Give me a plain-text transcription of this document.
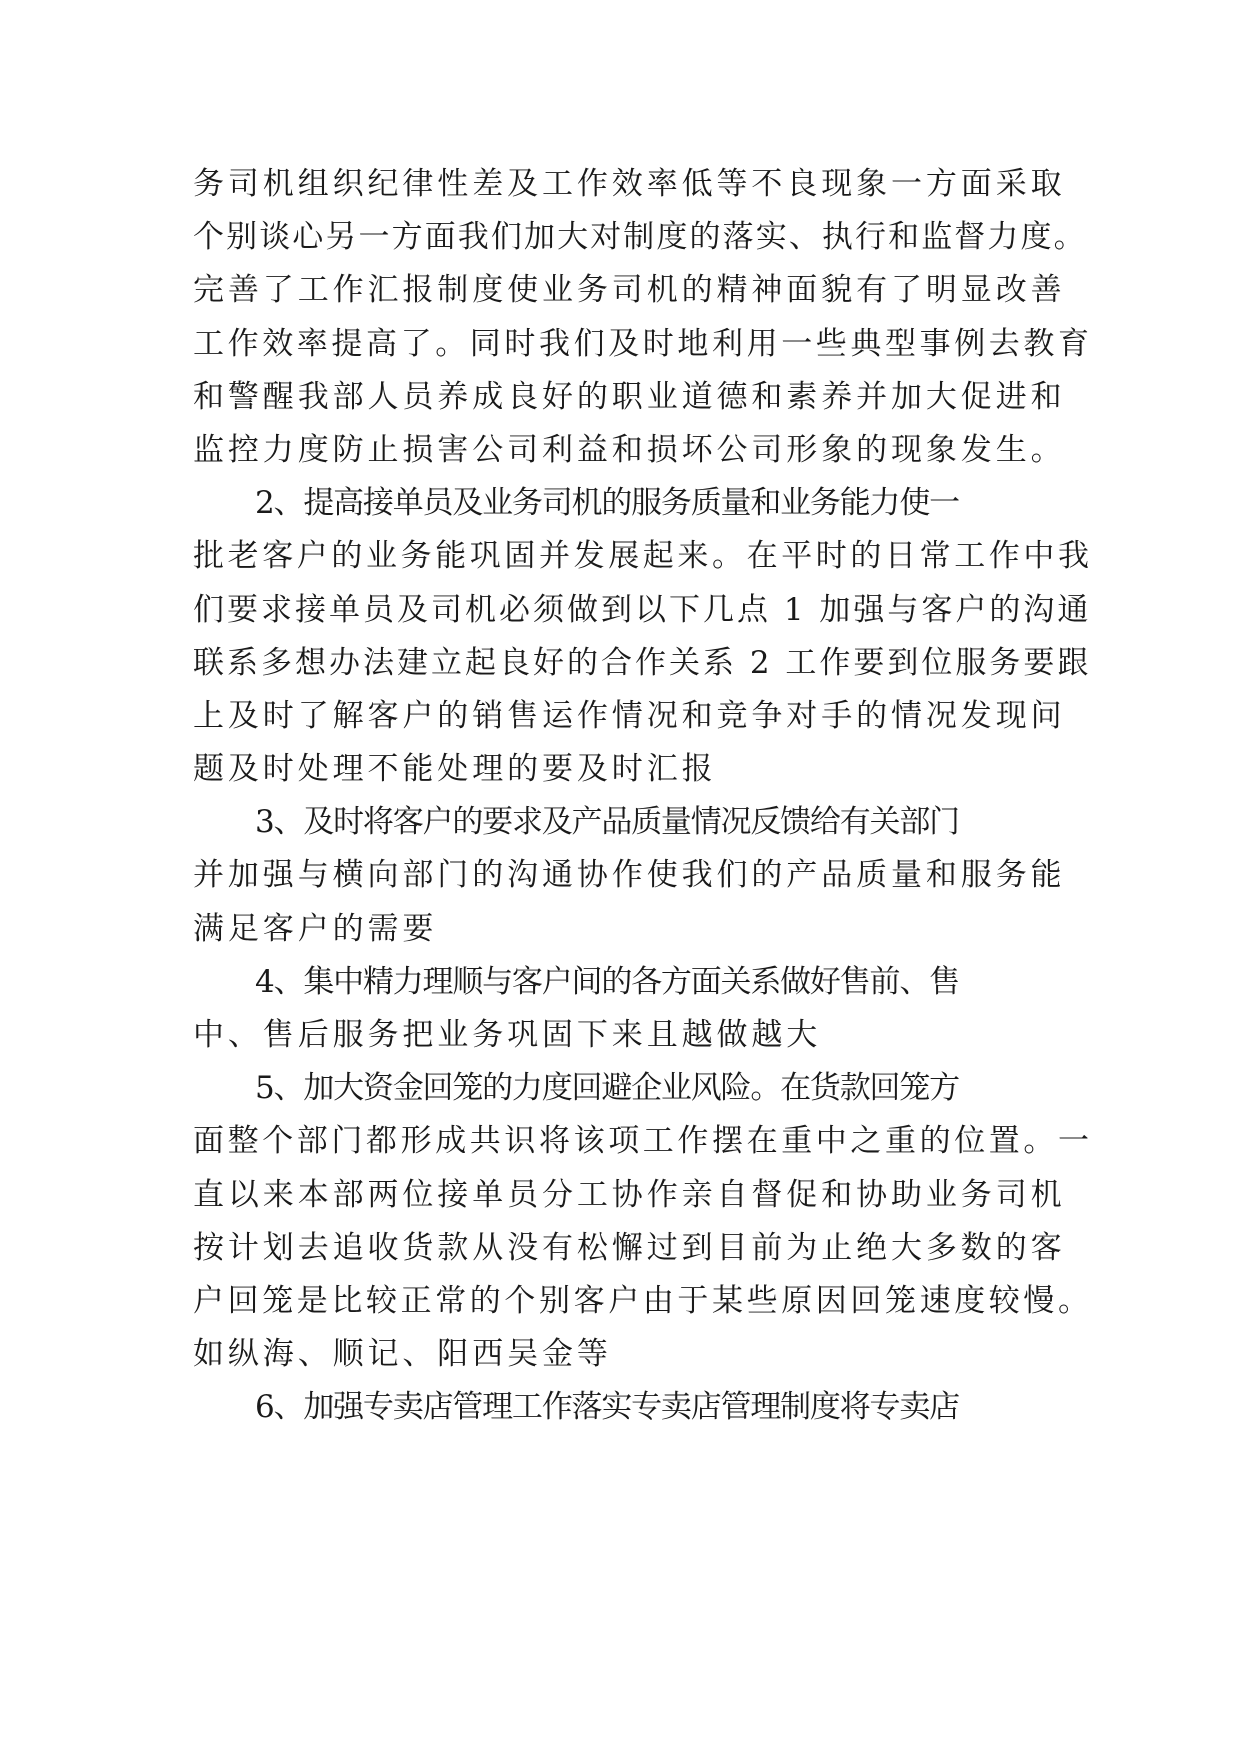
务司机组织纪律性差及工作效率低等不良现象一方面采取
个别谈心另一方面我们加大对制度的落实、执行和监督力度。
完善了工作汇报制度使业务司机的精神面貌有了明显改善
工作效率提高了。同时我们及时地利用一些典型事例去教育
和警醒我部人员养成良好的职业道德和素养并加大促进和
监控力度防止损害公司利益和损坏公司形象的现象发生。
2、提高接单员及业务司机的服务质量和业务能力使一
批老客户的业务能巩固并发展起来。在平时的日常工作中我
们要求接单员及司机必须做到以下几点 1 加强与客户的沟通
联系多想办法建立起良好的合作关系 2 工作要到位服务要跟
上及时了解客户的销售运作情况和竞争对手的情况发现问
题及时处理不能处理的要及时汇报
3、及时将客户的要求及产品质量情况反馈给有关部门
并加强与横向部门的沟通协作使我们的产品质量和服务能
满足客户的需要
4、集中精力理顺与客户间的各方面关系做好售前、售
中、售后服务把业务巩固下来且越做越大
5、加大资金回笼的力度回避企业风险。在货款回笼方
面整个部门都形成共识将该项工作摆在重中之重的位置。一
直以来本部两位接单员分工协作亲自督促和协助业务司机
按计划去追收货款从没有松懈过到目前为止绝大多数的客
户回笼是比较正常的个别客户由于某些原因回笼速度较慢。
如纵海、顺记、阳西吴金等
6、加强专卖店管理工作落实专卖店管理制度将专卖店
